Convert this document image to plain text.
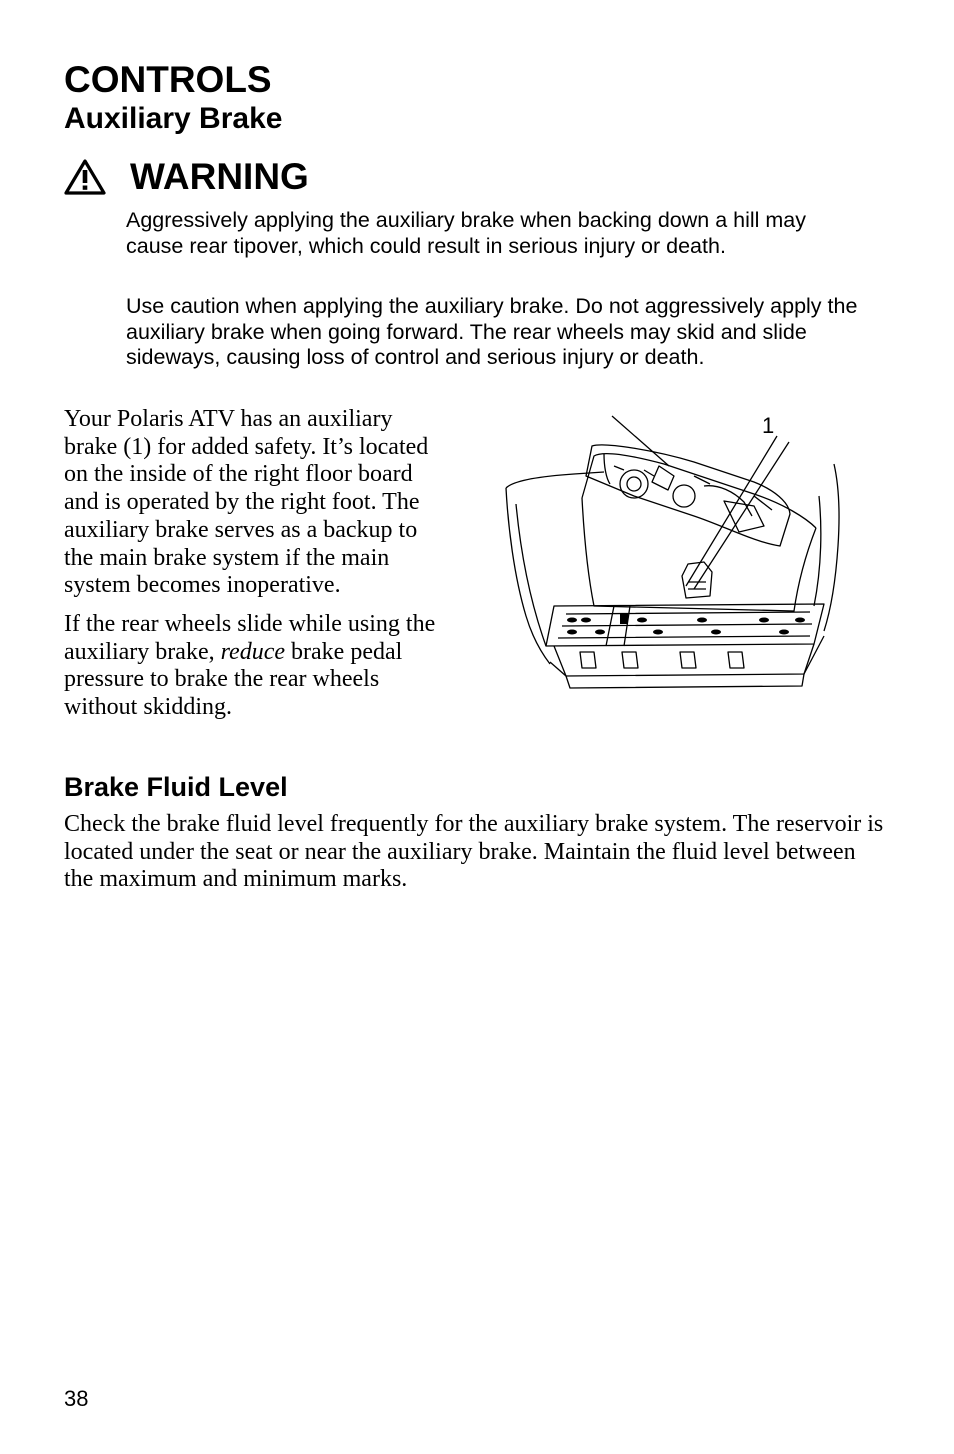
CONTROLS
Auxiliary Brake
WARNING

Aggressively applying the auxiliary brake when backing down a hill may cause rear tipover, which could result in serious injury or death.

Use caution when applying the auxiliary brake. Do not aggressively apply the auxiliary brake when going forward. The rear wheels may skid and slide sideways, causing loss of control and serious injury or death.

1
Your Polaris ATV has an auxiliary brake (1) for added safety. It’s located on the inside of the right floor board and is operated by the right foot. The auxiliary brake serves as a backup to the main brake system if the main system becomes inoperative.
If the rear wheels slide while using the auxiliary brake, reduce brake pedal pressure to brake the rear wheels without skidding.
Brake Fluid Level

Check the brake fluid level frequently for the auxiliary brake system. The reservoir is located under the seat or near the auxiliary brake. Maintain the fluid level between the maximum and minimum marks.

38
